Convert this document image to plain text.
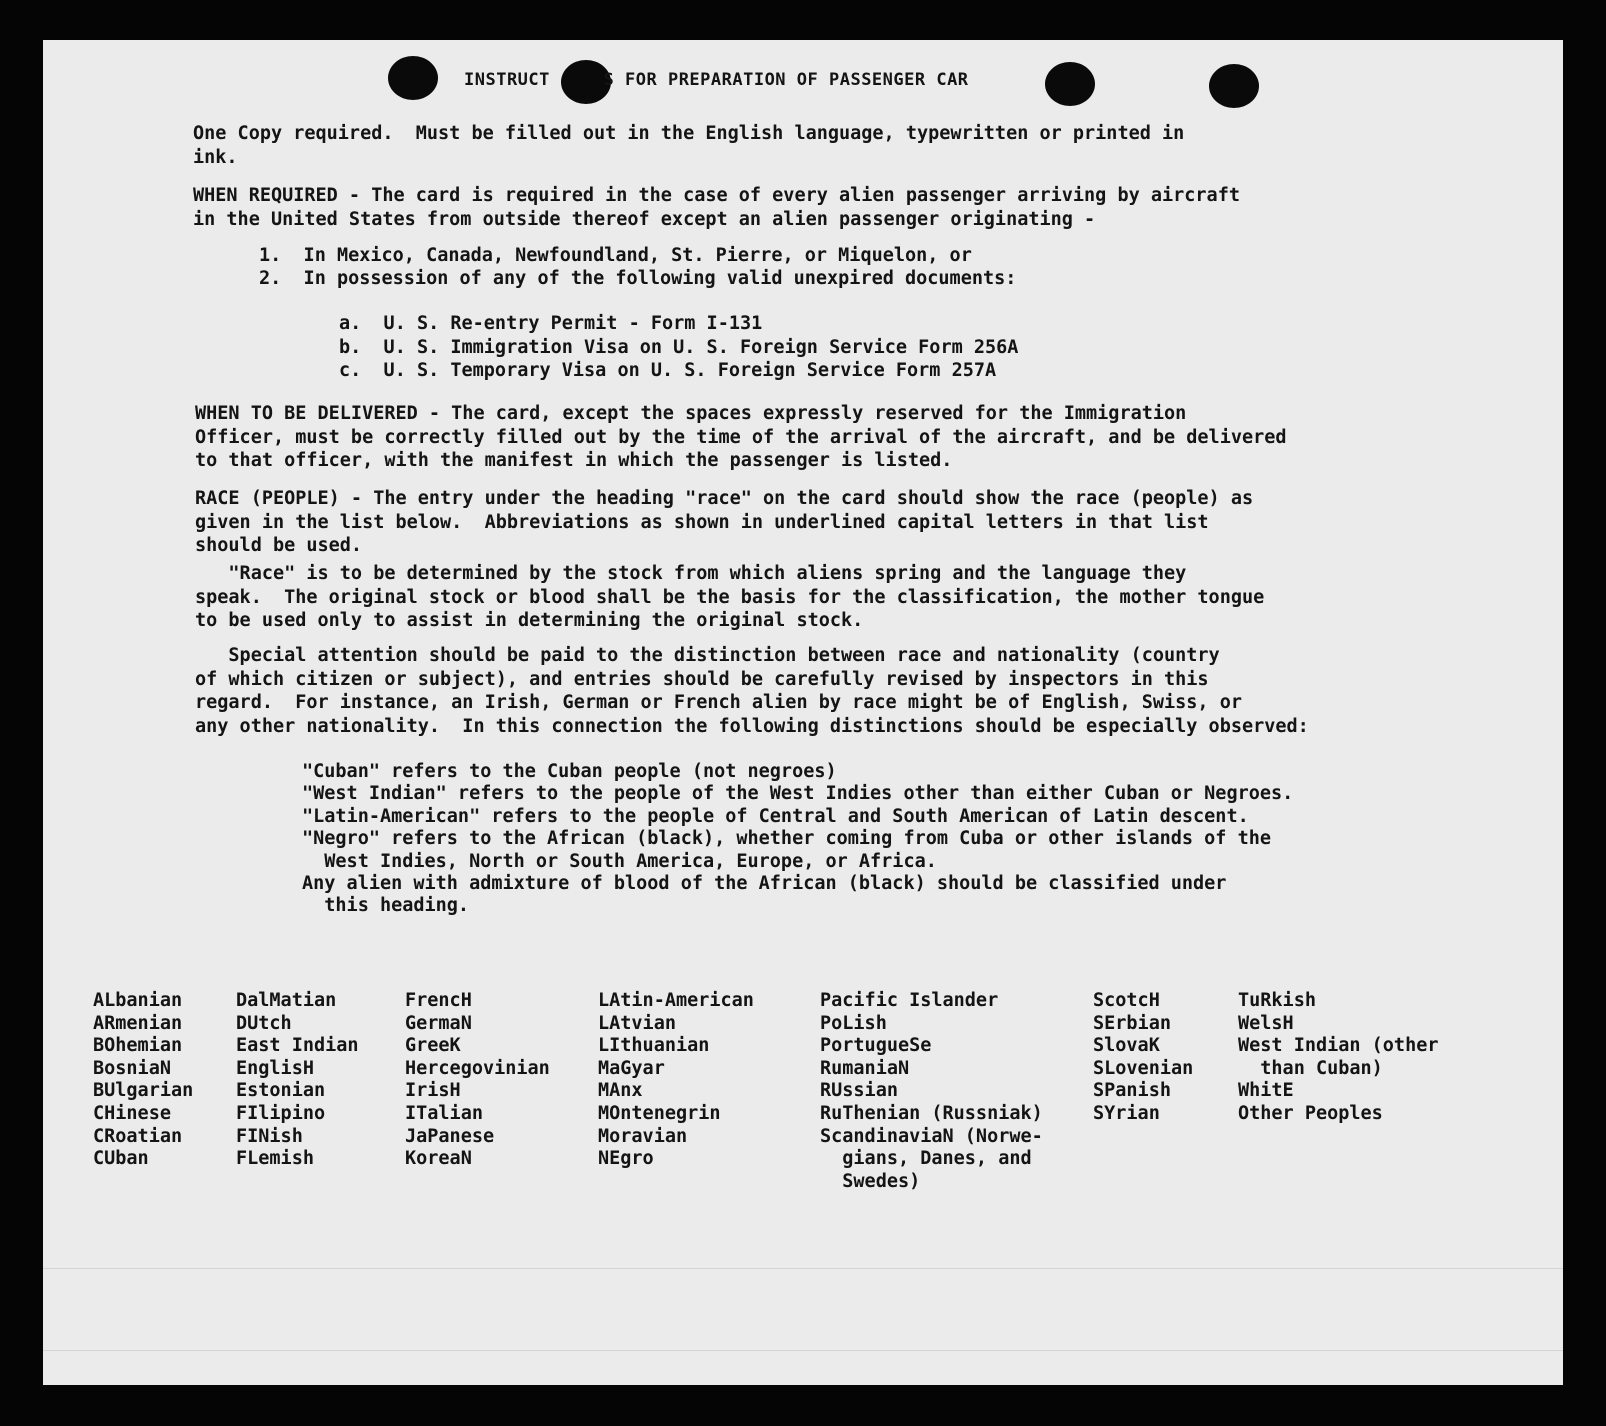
INSTRUCT     S FOR PREPARATION OF PASSENGER CAR
One Copy required.  Must be filled out in the English language, typewritten or printed in
ink.
WHEN REQUIRED - The card is required in the case of every alien passenger arriving by aircraft
in the United States from outside thereof except an alien passenger originating -
1.  In Mexico, Canada, Newfoundland, St. Pierre, or Miquelon, or
2.  In possession of any of the following valid unexpired documents:
a.  U. S. Re-entry Permit - Form I-131
b.  U. S. Immigration Visa on U. S. Foreign Service Form 256A
c.  U. S. Temporary Visa on U. S. Foreign Service Form 257A
WHEN TO BE DELIVERED - The card, except the spaces expressly reserved for the Immigration
Officer, must be correctly filled out by the time of the arrival of the aircraft, and be delivered
to that officer, with the manifest in which the passenger is listed.
RACE (PEOPLE) - The entry under the heading "race" on the card should show the race (people) as
given in the list below.  Abbreviations as shown in underlined capital letters in that list
should be used.
"Race" is to be determined by the stock from which aliens spring and the language they
speak.  The original stock or blood shall be the basis for the classification, the mother tongue
to be used only to assist in determining the original stock.
Special attention should be paid to the distinction between race and nationality (country
of which citizen or subject), and entries should be carefully revised by inspectors in this
regard.  For instance, an Irish, German or French alien by race might be of English, Swiss, or
any other nationality.  In this connection the following distinctions should be especially observed:
"Cuban" refers to the Cuban people (not negroes)
"West Indian" refers to the people of the West Indies other than either Cuban or Negroes.
"Latin-American" refers to the people of Central and South American of Latin descent.
"Negro" refers to the African (black), whether coming from Cuba or other islands of the
West Indies, North or South America, Europe, or Africa.
Any alien with admixture of blood of the African (black) should be classified under
this heading.
ALbanian
ARmenian
BOhemian
BosniaN
BUlgarian
CHinese
CRoatian
CUban
DalMatian
DUtch
East Indian
EnglisH
Estonian
FIlipino
FINish
FLemish
FrencH
GermaN
GreeK
Hercegovinian
IrisH
ITalian
JaPanese
KoreaN
LAtin-American
LAtvian
LIthuanian
MaGyar
MAnx
MOntenegrin
Moravian
NEgro
Pacific Islander
PoLish
PortugueSe
RumaniaN
RUssian
RuThenian (Russniak)
ScandinaviaN (Norwe-
gians, Danes, and
Swedes)
ScotcH
SErbian
SlovaK
SLovenian
SPanish
SYrian
TuRkish
WelsH
West Indian (other
than Cuban)
WhitE
Other Peoples
